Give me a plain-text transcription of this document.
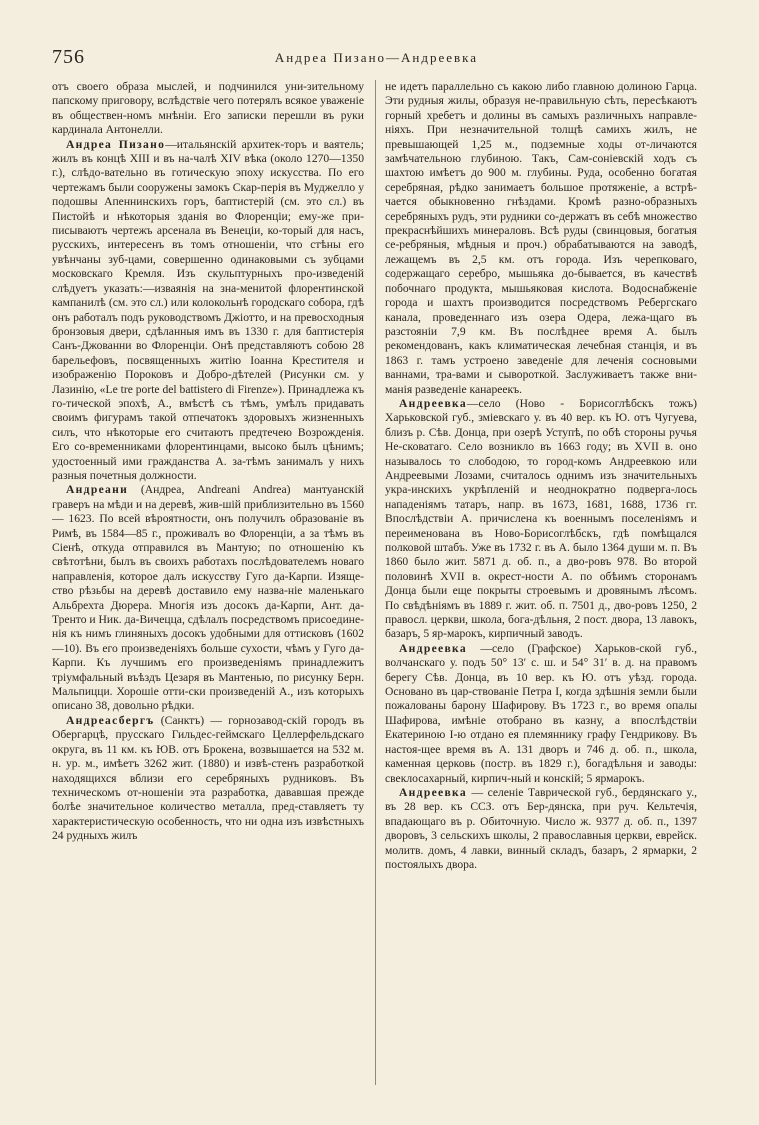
756	Андреа Пизано—Андреевка

отъ своего образа мыслей, и подчинился уни-зительному папскому приговору, вслѣдствіе чего потерялъ всякое уваженіе въ обществен-номъ мнѣніи. Его записки перешли въ руки кардинала Антонелли.

Андреа Пизано—итальянскій архитек-торъ и ваятель; жилъ въ концѣ XIII и въ на-чалѣ XIV вѣка (около 1270—1350 г.), слѣдо-вательно въ готическую эпоху искусства. По его чертежамъ были сооружены замокъ Скар-перія въ Муджелло у подошвы Апеннинскихъ горъ, баптистерій (см. это сл.) въ Пистойѣ и нѣкоторыя зданія во Флоренціи; ему-же при-писываютъ чертежъ арсенала въ Венеціи, ко-торый для насъ, русскихъ, интересенъ въ томъ отношеніи, что стѣны его увѣнчаны зуб-цами, совершенно одинаковыми съ зубцами московскаго Кремля. Изъ скульптурныхъ про-изведеній слѣдуетъ указать:—изваянія на зна-менитой флорентинской кампанилѣ (см. это сл.) или колокольнѣ городскаго собора, гдѣ онъ работалъ подъ руководствомъ Джіотто, и на превосходныя бронзовыя двери, сдѣланныя имъ въ 1330 г. для баптистерія Санъ-Джованни во Флоренціи. Онѣ представляютъ собою 28 барельефовъ, посвященныхъ житію Іоанна Крестителя и изображенію Пороковъ и Добро-дѣтелей (Рисунки см. у Лазинію, «Le tre porte del battistero di Firenze»). Принадлежа къ го-тической эпохѣ, А., вмѣстѣ съ тѣмъ, умѣлъ придавать своимъ фигурамъ такой отпечатокъ здоровыхъ жизненныхъ силъ, что нѣкоторые его считаютъ предтечею Возрожденія. Его со-временниками флорентинцами, высоко былъ цѣнимъ; удостоенный ими гражданства А. за-тѣмъ занималъ у нихъ разныя почетныя должности.

Андреани (Андреа, Andreani Andrea) мантуанскій граверъ на мѣди и на деревѣ, жив-шій приблизительно въ 1560 — 1623. По всей вѣроятности, онъ получилъ образованіе въ Римѣ, въ 1584—85 г., проживалъ во Флоренціи, а за тѣмъ въ Сіенѣ, откуда отправился въ Мантую; по отношенію къ свѣтотѣни, былъ въ своихъ работахъ послѣдователемъ новаго направленія, которое далъ искусству Гуго да-Карпи. Изяще-ство рѣзьбы на деревѣ доставило ему назва-ніе маленькаго Альбрехта Дюрера. Многія изъ досокъ да-Карпи, Ант. да-Тренто и Ник. да-Вичецца, сдѣлалъ посредствомъ присоедине-нія къ нимъ глиняныхъ досокъ удобными для оттисковъ (1602—10). Въ его произведеніяхъ больше сухости, чѣмъ у Гуго да-Карпи. Къ лучшимъ его произведеніямъ принадлежитъ тріумфальный въѣздъ Цезаря въ Мантенью, по рисунку Берн. Мальпицци. Хорошіе отти-ски произведеній А., изъ которыхъ описано 38, довольно рѣдки.

Андреасбергъ (Санктъ) — горнозавод-скій городъ въ Обергарцѣ, прусскаго Гильдес-геймскаго Целлерфельдскаго округа, въ 11 км. къ ЮВ. отъ Брокена, возвышается на 532 м. н. ур. м., имѣетъ 3262 жит. (1880) и извѣ-стенъ разработкой находящихся вблизи его серебряныхъ рудниковъ. Въ техническомъ от-ношеніи эта разработка, дававшая прежде болѣе значительное количество металла, пред-ставляетъ ту характеристическую особенность, что ни одна изъ извѣстныхъ 24 рудныхъ жилъ

не идетъ параллельно съ какою либо главною долиною Гарца. Эти рудныя жилы, образуя не-правильную сѣть, пересѣкаютъ горный хребетъ и долины въ самыхъ различныхъ направле-ніяхъ. При незначительной толщѣ самихъ жилъ, не превышающей 1,25 м., подземные ходы от-личаются замѣчательною глубиною. Такъ, Сам-соніевскій ходъ съ шахтою имѣетъ до 900 м. глубины. Руда, особенно богатая серебряная, рѣдко занимаетъ большое протяженіе, а встрѣ-чается обыкновенно гнѣздами. Кромѣ разно-образныхъ серебряныхъ рудъ, эти рудники со-держатъ въ себѣ множество прекраснѣйшихъ минераловъ. Всѣ руды (свинцовыя, богатыя се-ребряныя, мѣдныя и проч.) обрабатываются на заводѣ, лежащемъ въ 2,5 км. отъ города. Изъ черепковаго, содержащаго серебро, мышьяка до-бывается, въ качествѣ побочнаго продукта, мышьяковая кислота. Водоснабженіе города и шахтъ производится посредствомъ Ребергскаго канала, проведеннаго изъ озера Одера, лежа-щаго въ разстояніи 7,9 км. Въ послѣднее время А. былъ рекомендованъ, какъ климатическая лечебная станція, и въ 1863 г. тамъ устроено заведеніе для леченія сосновыми ваннами, тра-вами и сывороткой. Заслуживаетъ также вни-манія разведеніе канареекъ.

Андреевка—село (Ново - Борисоглѣбскъ тожъ) Харьковской губ., змiевскаго у. въ 40 вер. къ Ю. отъ Чугуева, близъ р. Сѣв. Донца, при озерѣ Уступѣ, по обѣ стороны ручья Не-сковатаго. Село возникло въ 1663 году; въ XVII в. оно называлось то слободою, то город-комъ Андреевкою или Андреевыми Лозами, считалось однимъ изъ значительныхъ укра-инскихъ укрѣпленій и неоднократно подверга-лось нападеніямъ татаръ, напр. въ 1673, 1681, 1688, 1736 гг. Впослѣдствіи А. причислена къ военнымъ поселеніямъ и переименована въ Ново-Борисоглѣбскъ, гдѣ помѣщался полковой штабъ. Уже въ 1732 г. въ А. было 1364 души м. п. Въ 1860 было жит. 5871 д. об. п., а дво-ровъ 978. Во второй половинѣ XVII в. окрест-ности А. по обѣимъ сторонамъ Донца были еще покрыты строевымъ и дровянымъ лѣсомъ. По свѣдѣніямъ въ 1889 г. жит. об. п. 7501 д., дво-ровъ 1250, 2 правосл. церкви, школа, бога-дѣльня, 2 пост. двора, 13 лавокъ, базаръ, 5 яр-марокъ, кирпичный заводъ.

Андреевка —село (Графское) Харьков-ской губ., волчанскаго у. подъ 50° 13′ с. ш. и 54° 31′ в. д. на правомъ берегу Сѣв. Донца, въ 10 вер. къ Ю. отъ уѣзд. города. Основано въ цар-ствованіе Петра I, когда здѣшнія земли были пожалованы барону Шафирову. Въ 1723 г., во время опалы Шафирова, имѣніе отобрано въ казну, а впослѣдствіи Екатериною I-ю отдано ея племяннику графу Гендрикову. Въ настоя-щее время въ А. 131 дворъ и 746 д. об. п., школа, каменная церковь (постр. въ 1829 г.), богадѣльня и заводы: свеклосахарный, кирпич-ный и конскій; 5 ярмарокъ.

Андреевка — селеніе Таврической губ., бердянскаго у., въ 28 вер. къ ССЗ. отъ Бер-дянска, при руч. Кельтечія, впадающаго въ р. Обиточную. Число ж. 9377 д. об. п., 1397 дворовъ, 3 сельскихъ школы, 2 православныя церкви, еврейск. молитв. домъ, 4 лавки, винный складъ, базаръ, 2 ярмарки, 2 постоялыхъ двора.
